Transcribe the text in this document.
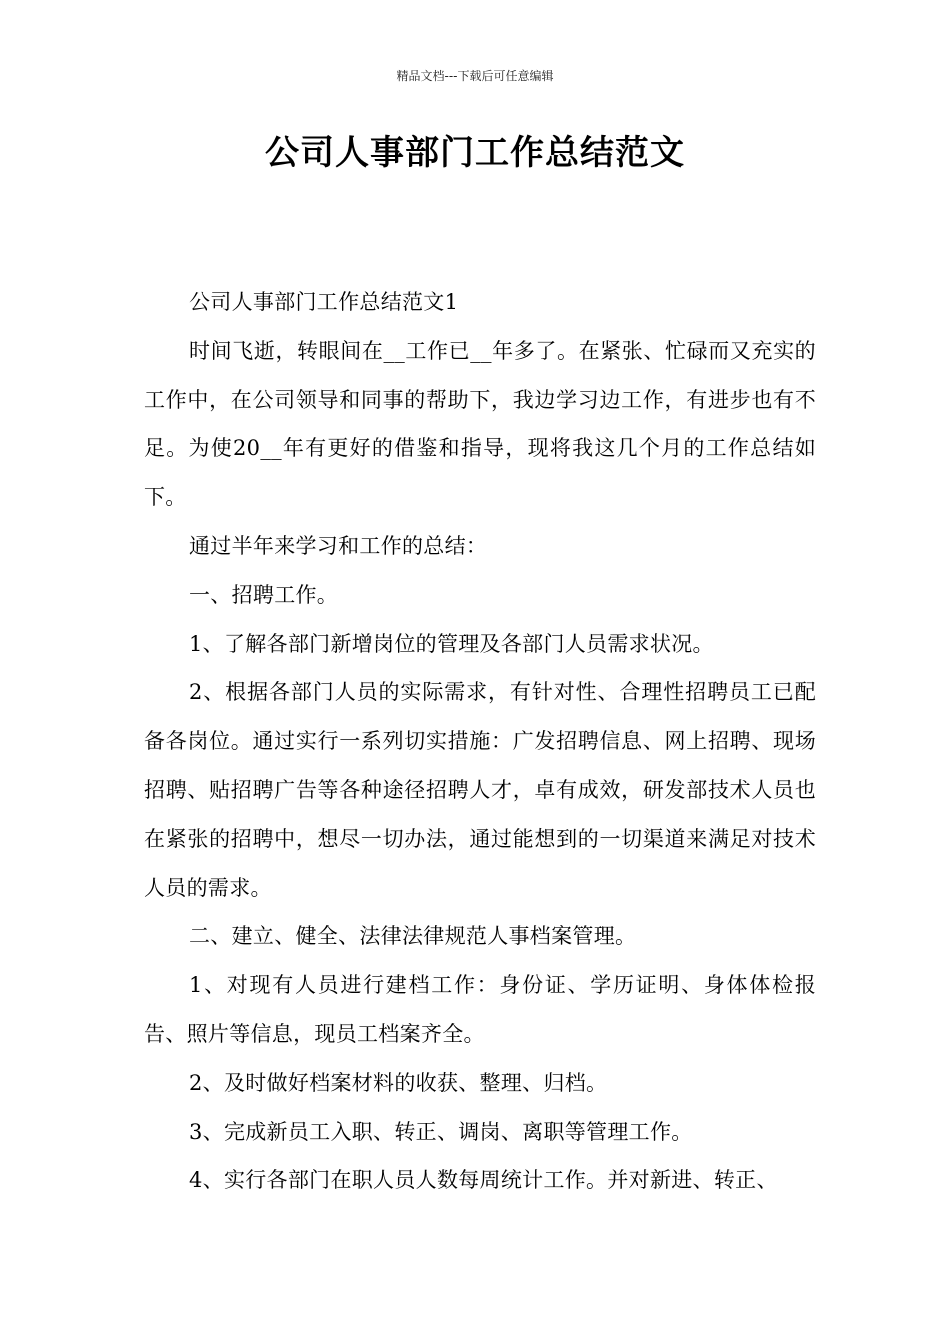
精品文档---下载后可任意编辑
公司人事部门工作总结范文

公司人事部门工作总结范文1

时间飞逝，转眼间在__工作已__年多了。在紧张、忙碌而又充实的工作中，在公司领导和同事的帮助下，我边学习边工作，有进步也有不足。为使20__年有更好的借鉴和指导，现将我这几个月的工作总结如下。

通过半年来学习和工作的总结：

一、招聘工作。

1、了解各部门新增岗位的管理及各部门人员需求状况。

2、根据各部门人员的实际需求，有针对性、合理性招聘员工已配备各岗位。通过实行一系列切实措施：广发招聘信息、网上招聘、现场招聘、贴招聘广告等各种途径招聘人才，卓有成效，研发部技术人员也在紧张的招聘中，想尽一切办法，通过能想到的一切渠道来满足对技术人员的需求。

二、建立、健全、法律法律规范人事档案管理。

1、对现有人员进行建档工作：身份证、学历证明、身体体检报告、照片等信息，现员工档案齐全。

2、及时做好档案材料的收获、整理、归档。

3、完成新员工入职、转正、调岗、离职等管理工作。

4、实行各部门在职人员人数每周统计工作。并对新进、转正、
